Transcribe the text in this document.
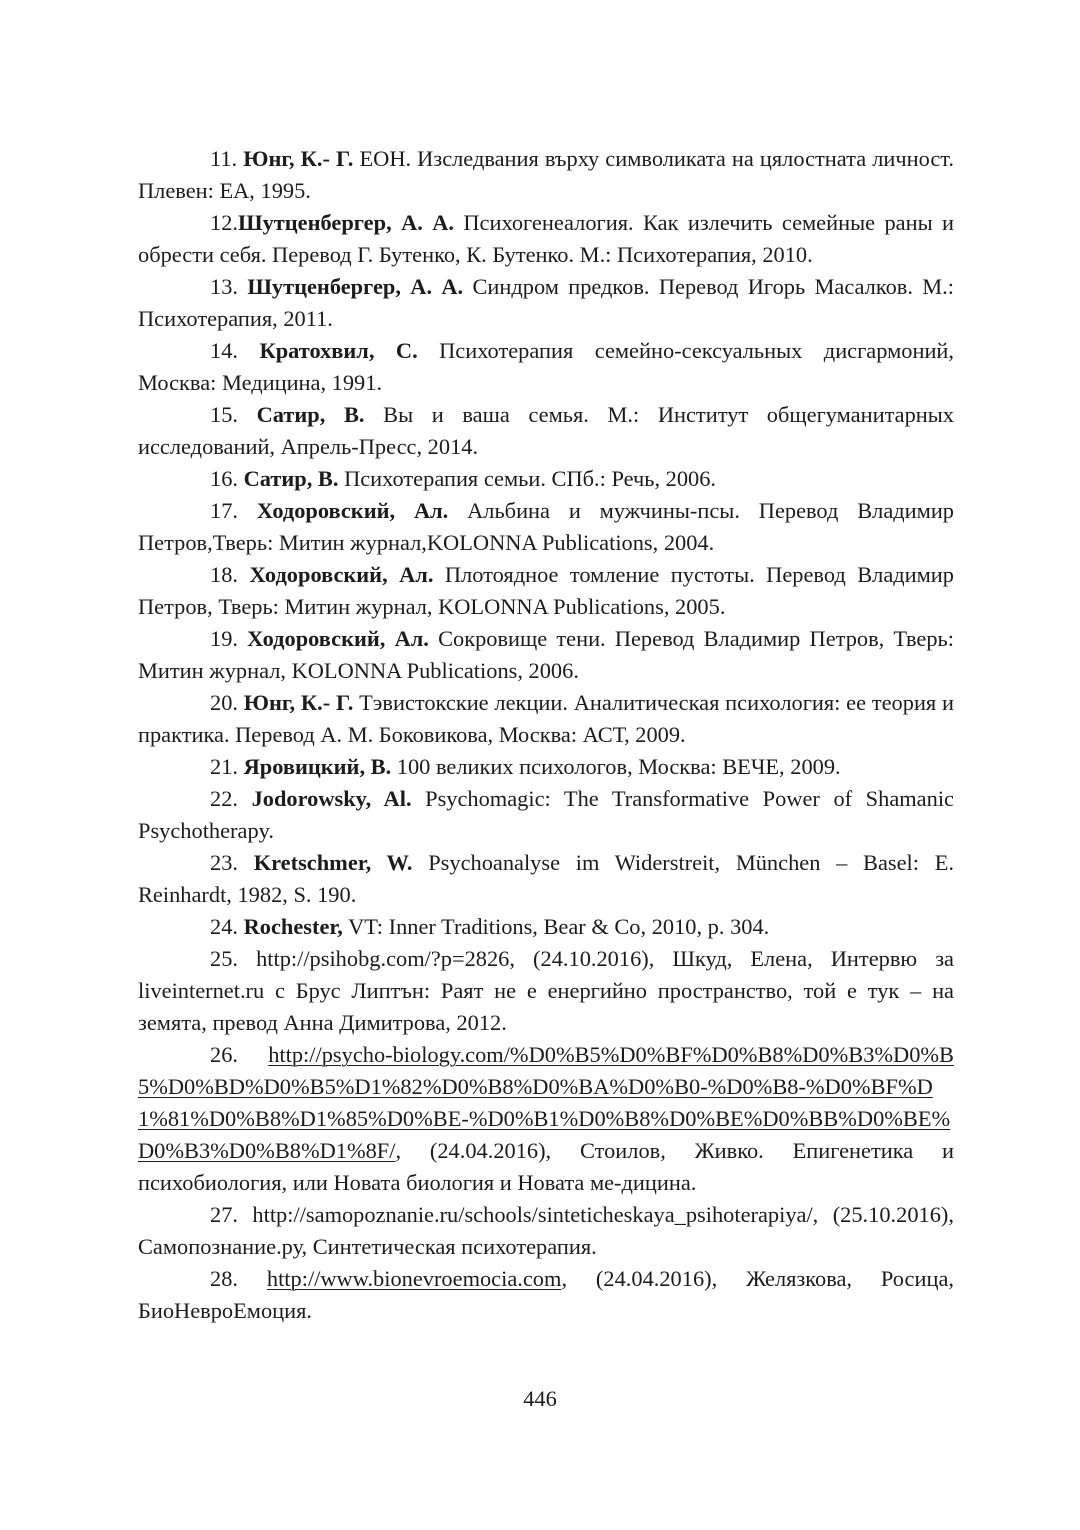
11. Юнг, К.- Г. ЕОН. Изследвания върху символиката на цялостната личност. Плевен: ЕА, 1995.

12.Шутценбергер, А. А. Психогенеалогия. Как излечить семейные раны и обрести себя. Перевод Г. Бутенко, К. Бутенко. М.: Психотерапия, 2010.

13. Шутценбергер, А. А. Синдром предков. Перевод Игорь Масалков. М.: Психотерапия, 2011.

14. Кратохвил, С. Психотерапия семейно-сексуальных дисгармоний, Москва: Медицина, 1991.

15. Сатир, В. Вы и ваша семья. М.: Институт общегуманитарных исследований, Апрель-Пресс, 2014.

16. Сатир, В. Психотерапия семьи. СПб.: Речь, 2006.

17. Ходоровский, Ал. Альбина и мужчины-псы. Перевод Владимир Петров,Тверь: Митин журнал,KOLONNA Publications, 2004.

18. Ходоровский, Ал. Плотоядное томление пустоты. Перевод Владимир Петров, Тверь: Митин журнал, KOLONNA Publications, 2005.

19. Ходоровский, Ал. Сокровище тени. Перевод Владимир Петров, Тверь: Митин журнал, KOLONNA Publications, 2006.

20. Юнг, К.- Г. Тэвистокские лекции. Аналитическая психология: ее теория и практика. Перевод А. М. Боковикова, Москва: АСТ, 2009.

21. Яровицкий, В. 100 великих психологов, Москва: ВЕЧЕ, 2009.

22. Jodorowsky, Al. Psychomagic: The Transformative Power of Shamanic Psychotherapy.

23. Kretschmer, W. Psychoanalyse im Widerstreit, München – Basel: E. Reinhardt, 1982, S. 190.

24. Rochester, VT: Inner Traditions, Bear & Co, 2010, p. 304.

25. http://psihobg.com/?p=2826, (24.10.2016), Шкуд, Елена, Интервю за liveinternet.ru с Брус Липтън: Раят не е енергийно пространство, той е тук – на земята, превод Анна Димитрова, 2012.

26. http://psycho-biology.com/%D0%B5%D0%BF%D0%B8%D0%B3%D0%B5%D0%BD%D0%B5%D1%82%D0%B8%D0%BA%D0%B0-%D0%B8-%D0%BF%D1%81%D0%B8%D1%85%D0%BE-%D0%B1%D0%B8%D0%BE%D0%BB%D0%BE%D0%B3%D0%B8%D1%8F/, (24.04.2016), Стоилов, Живко. Епигенетика и психобиология, или Новата биология и Новата ме-дицина.

27. http://samopoznanie.ru/schools/sinteticheskaya_psihoterapiya/, (25.10.2016), Самопознание.ру, Синтетическая психотерапия.

28. http://www.bionevroemocia.com, (24.04.2016), Желязкова, Росица, БиоНевроЕмоция.

446
